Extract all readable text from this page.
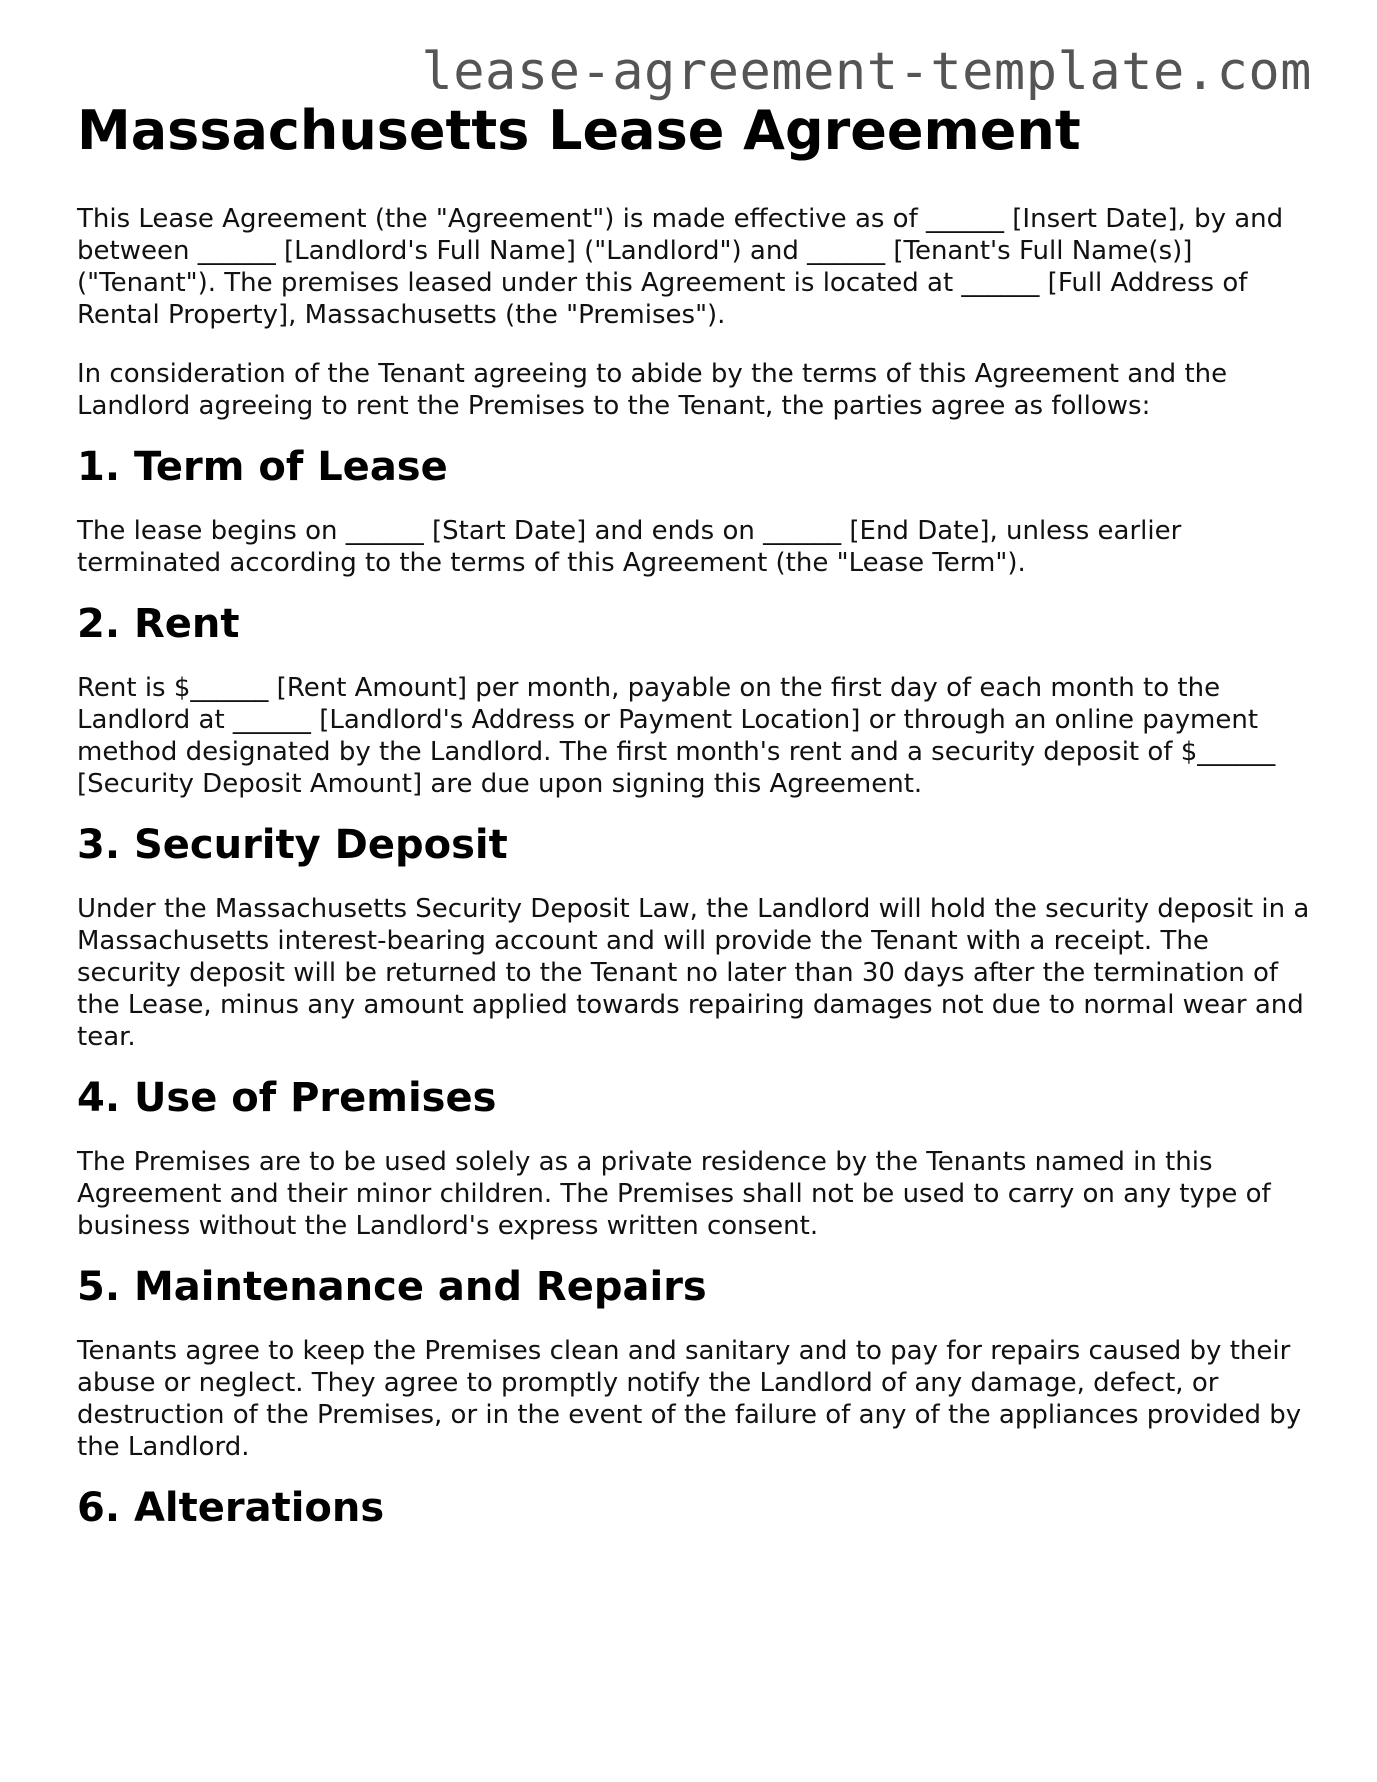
lease-agreement-template.com
Massachusetts Lease Agreement

This Lease Agreement (the "Agreement") is made effective as of ______ [Insert Date], by and between ______ [Landlord's Full Name] ("Landlord") and ______ [Tenant's Full Name(s)] ("Tenant"). The premises leased under this Agreement is located at ______ [Full Address of Rental Property], Massachusetts (the "Premises").

In consideration of the Tenant agreeing to abide by the terms of this Agreement and the Landlord agreeing to rent the Premises to the Tenant, the parties agree as follows:

1. Term of Lease

The lease begins on ______ [Start Date] and ends on ______ [End Date], unless earlier terminated according to the terms of this Agreement (the "Lease Term").

2. Rent

Rent is $______ [Rent Amount] per month, payable on the first day of each month to the Landlord at ______ [Landlord's Address or Payment Location] or through an online payment method designated by the Landlord. The first month's rent and a security deposit of $______ [Security Deposit Amount] are due upon signing this Agreement.

3. Security Deposit

Under the Massachusetts Security Deposit Law, the Landlord will hold the security deposit in a Massachusetts interest-bearing account and will provide the Tenant with a receipt. The security deposit will be returned to the Tenant no later than 30 days after the termination of the Lease, minus any amount applied towards repairing damages not due to normal wear and tear.

4. Use of Premises

The Premises are to be used solely as a private residence by the Tenants named in this Agreement and their minor children. The Premises shall not be used to carry on any type of business without the Landlord's express written consent.

5. Maintenance and Repairs

Tenants agree to keep the Premises clean and sanitary and to pay for repairs caused by their abuse or neglect. They agree to promptly notify the Landlord of any damage, defect, or destruction of the Premises, or in the event of the failure of any of the appliances provided by the Landlord.

6. Alterations
